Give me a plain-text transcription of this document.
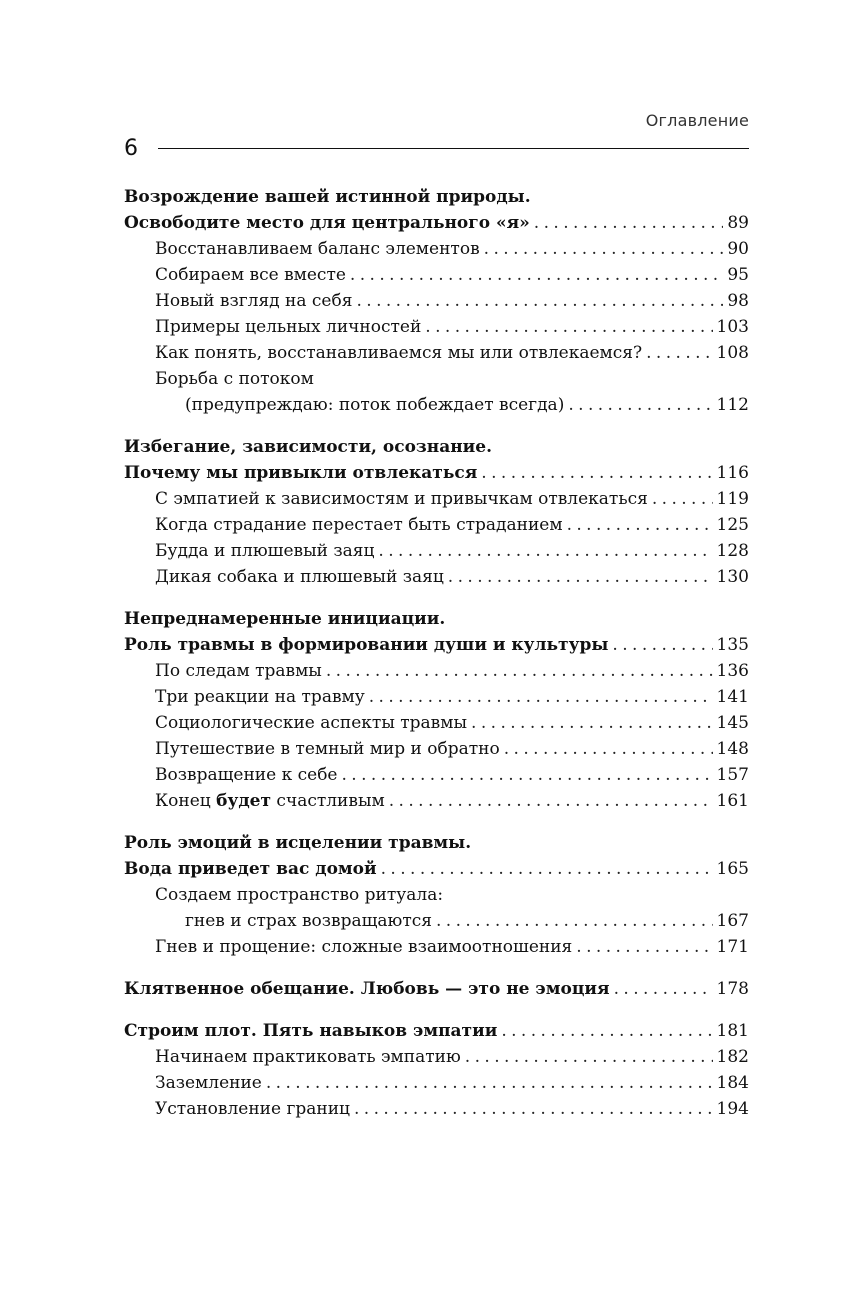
Оглавление
6
Возрождение вашей истинной природы.
Освободите место для центрального «я» . . .	89
Восстанавливаем баланс элементов . . .	90
Собираем все вместе . . .	95
Новый взгляд на себя . . .	98
Примеры цельных личностей . . .	103
Как понять, восстанавливаемся мы или отвлекаемся? . . .	108
Борьба с потоком
(предупреждаю: поток побеждает всегда) . . .	112
Избегание, зависимости, осознание.
Почему мы привыкли отвлекаться . . .	116
С эмпатией к зависимостям и привычкам отвлекаться . . .	119
Когда страдание перестает быть страданием . . .	125
Будда и плюшевый заяц . . .	128
Дикая собака и плюшевый заяц . . .	130
Непреднамеренные инициации.
Роль травмы в формировании души и культуры . . .	135
По следам травмы . . .	136
Три реакции на травму . . .	141
Социологические аспекты травмы . . .	145
Путешествие в темный мир и обратно . . .	148
Возвращение к себе . . .	157
Конец будет счастливым . . .	161
Роль эмоций в исцелении травмы.
Вода приведет вас домой . . .	165
Создаем пространство ритуала:
гнев и страх возвращаются . . .	167
Гнев и прощение: сложные взаимоотношения . . .	171
Клятвенное обещание. Любовь — это не эмоция . . .	178
Строим плот. Пять навыков эмпатии . . .	181
Начинаем практиковать эмпатию . . .	182
Заземление . . .	184
Установление границ . . .	194
